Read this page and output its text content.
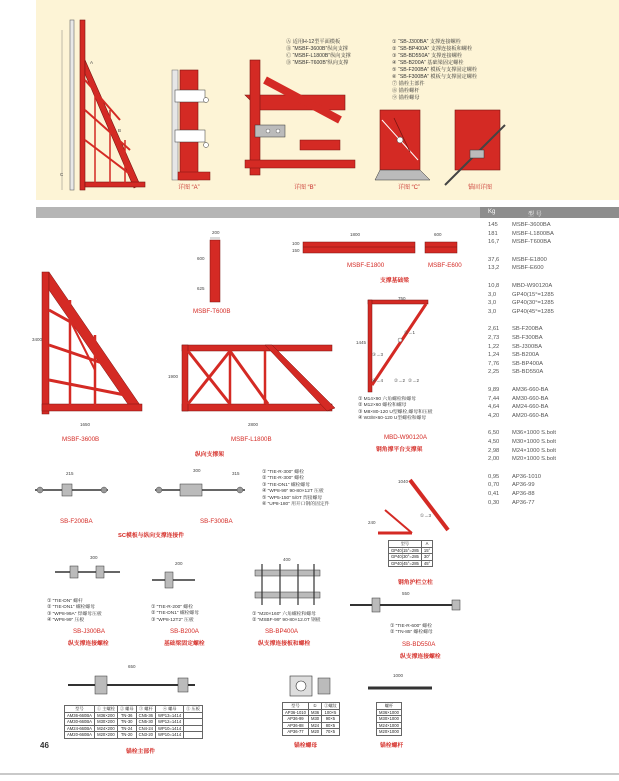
Ⓐ 适用H-12型平面模板
Ⓑ “MSBF-3600B”纵向支撑
Ⓒ “MSBF-L1800B”纵向支撑
Ⓓ “MSBF-T600B”纵向支撑
① “SB-J300BA” 支撑连接螺栓
② “SB-BP400A” 支撑连接板和螺栓
③ “SB-BD550A” 支撑连接螺栓
④ “SB-B200A” 基础梁固定螺栓
⑤ “SB-F200BA” 模板与支撑固定螺栓
⑥ “SB-F300BA” 模板与支撑固定螺栓
⑦ 锚栓主部件
⑧ 锚栓螺杆
⑨ 锚栓螺母
A
B
C
详图 “A”	详图 “B”	详图 “C”	锚固详图
Kg	型 号
145 MSBF-3600BA
181 MSBF-L1800BA
16,7 MSBF-T600BA
37,6 MSBF-E1800
13,2 MSBF-E600
10,8 MBD-W90120A
3,0	GP40(15°=1285
3,0	GP40(30°=1285
3,0	GP40(45°=1285
2,61 SB-F200BA
2,73 SB-F300BA
1,22 SB-J300BA
1,24 SB-B200A
7,76 SB-BP400A
2,25 SB-BD550A
9,89 AM36-660-BA
7,44 AM30-660-BA
4,64 AM24-660-BA
4,20 AM20-660-BA
6,50 M36×1000 S.bolt
4,50 M30×1000 S.bolt
2,98 M24×1000 S.bolt
2,00 M20×1000 S.bolt
0,95 AP36-1010
0,70 AP36-99
0,41 AP36-88
0,30 AP36-77
200
600
625
MSBF-T600B
1800
100
150
600
MSBF-E1800	MSBF-E600
支撑基础梁
3400
1650
MSBF-3600B
1900
2800
MSBF-L1800B
纵向支撑架
750
1445
①→1
③→3
②→2
④→4	②→2
① M14×90 六角螺栓和螺母
② M12×60 螺栓和螺母
③ M8×80-120 U型螺栓,螺母和压板
④ W3/8×60-120 U型螺栓和螺母
MBD-W90120A
钢角撑平台支撑架
215
300
315	① “TIE-R-300” 螺栓
② “TIE-R-300” 螺栓
③ “TIE-DN1” 螺栓螺母
④ “WP8-99” 90-80×12T 压板
⑤ “WP5-150” 5/0T 焊接螺母
⑥ “UP8-180” 用开口钢的固定件
SB-F200BA	SB-F300BA
SC模板与纵向支撑连接件
1040
240
①→3
型号	A
GP40(15°=285	15°
GP40(30°=285	30°
GP40(45°=285	45°
钢角护栏立柱
300
① “TIE-DN” 螺杆
② “TIE-DN1” 螺栓螺母
③ “WP8-99A” 焊螺母压板
④ “WP8-99” 压板
SB-J300BA
纵支撑连接螺栓
200
① “TIE-R-200” 螺栓
② “TIE-DN1” 螺栓螺母
③ “WP8-12T2” 压板
SB-B200A
基础梁固定螺栓
400
① “M20×160” 六角螺栓和螺母
② “MSBF-99” 90-80×12.0T 钢板
SB-BP400A
纵支撑连接板和螺栓
550
① “TIE-R-600” 螺栓
② “TN-85” 螺栓螺母
SB-BD550A
纵支撑连接螺栓
650
型号	① 主螺栓	② 螺母	③ 螺杆	④ 螺母	⑤ 压板
AM36-660BA	M36×200	TN-36	CN5-36	WP13=1414	
AM30-660BA	M30×200	TN-30	CN5-30	WP12=1414	
AM24-660BA	M24×200	TN-24	CN4-24	WP10=1414	
AM20-660BA	M20×200	TN-20	CN3-20	WP10=1414	
锚栓主部件
型号	①	②螺纹
AP36-1010	M36	100×5
AP36-99	M30	90×5
AP36-88	M24	80×5
AP36-77	M20	70×5
锚栓螺母
1000
螺杆
M36×1000
M30×1000
M24×1000
M20×1000
锚栓螺杆
46
